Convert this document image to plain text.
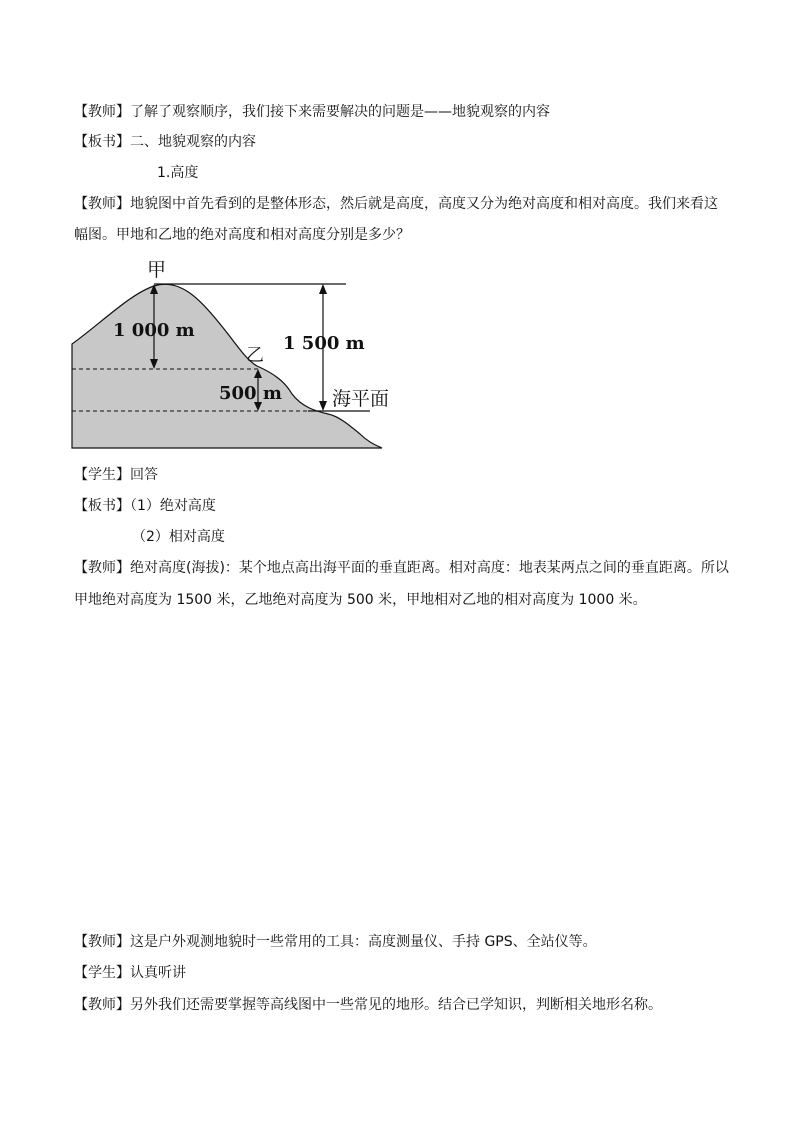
【教师】了解了观察顺序，我们接下来需要解决的问题是——地貌观察的内容
【板书】二、地貌观察的内容
1.高度
【教师】地貌图中首先看到的是整体形态，然后就是高度，高度又分为绝对高度和相对高度。我们来看这
幅图。甲地和乙地的绝对高度和相对高度分别是多少？
甲
1 000 m
1 500 m
乙
500 m	海平面
【学生】回答
【板书】（1）绝对高度
（2）相对高度
【教师】绝对高度(海拔)：某个地点高出海平面的垂直距离。相对高度：地表某两点之间的垂直距离。所以
甲地绝对高度为 1500 米，乙地绝对高度为 500 米，甲地相对乙地的相对高度为 1000 米。
【教师】这是户外观测地貌时一些常用的工具：高度测量仪、手持 GPS、全站仪等。
【学生】认真听讲
【教师】另外我们还需要掌握等高线图中一些常见的地形。结合已学知识，判断相关地形名称。
